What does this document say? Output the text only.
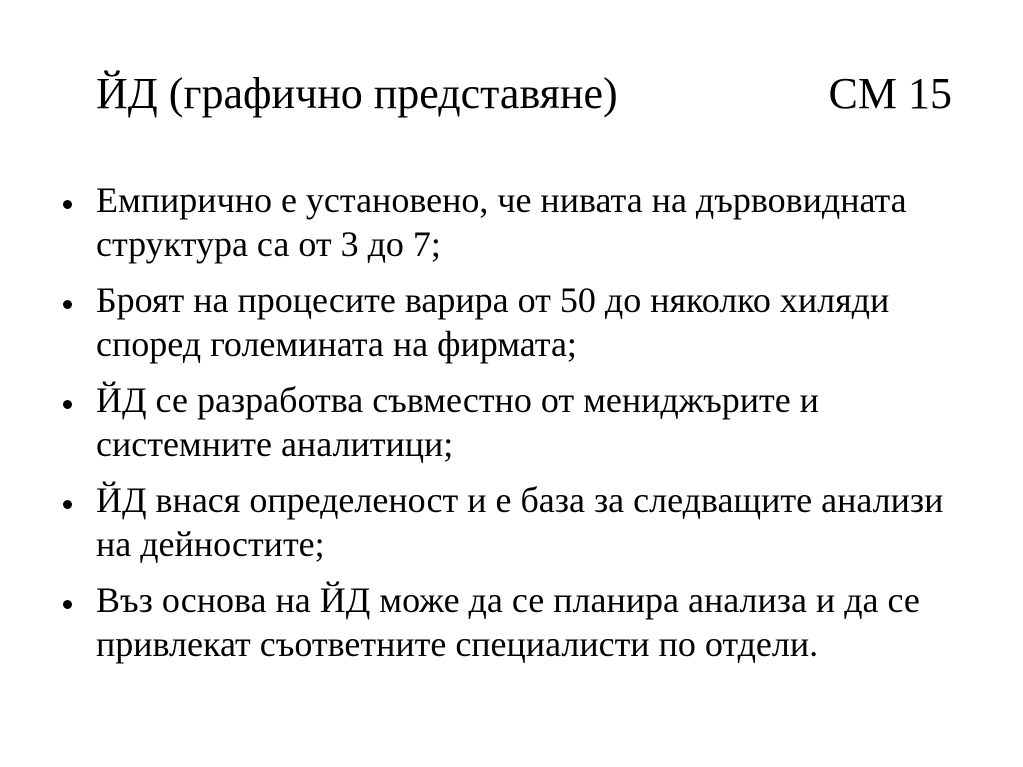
ЙД (графично представяне)	СМ 15
Емпирично е установено, че нивата на дървовидната структура са от 3 до 7;
Броят на процесите варира от 50 до няколко хиляди според големината на фирмата;
ЙД се разработва съвместно от мениджърите и системните аналитици;
ЙД внася определеност и е база за следващите анализи на дейностите;
Въз основа на ЙД може да се планира анализа и да се привлекат съответните специалисти по отдели.
